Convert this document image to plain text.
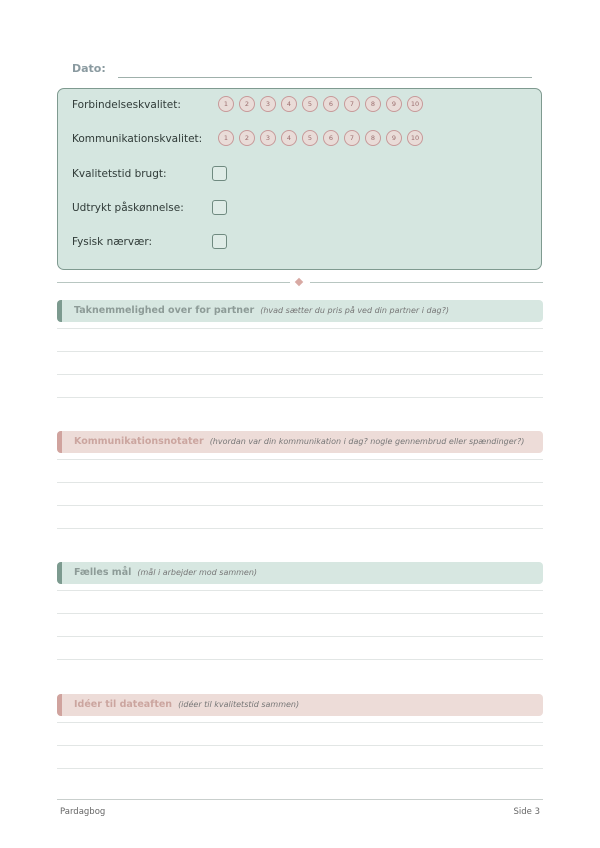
Dato:
Forbindelseskvalitet:	1	2	3	4	5	6	7	8	9	10
Kommunikationskvalitet:	1	2	3	4	5	6	7	8	9	10
Kvalitetstid brugt:
Udtrykt påskønnelse:
Fysisk nærvær:
Taknemmelighed over for partner (hvad sætter du pris på ved din partner i dag?)
Kommunikationsnotater (hvordan var din kommunikation i dag? nogle gennembrud eller spændinger?)
Fælles mål (mål i arbejder mod sammen)
Idéer til dateaften (idéer til kvalitetstid sammen)
Pardagbog	Side 3
